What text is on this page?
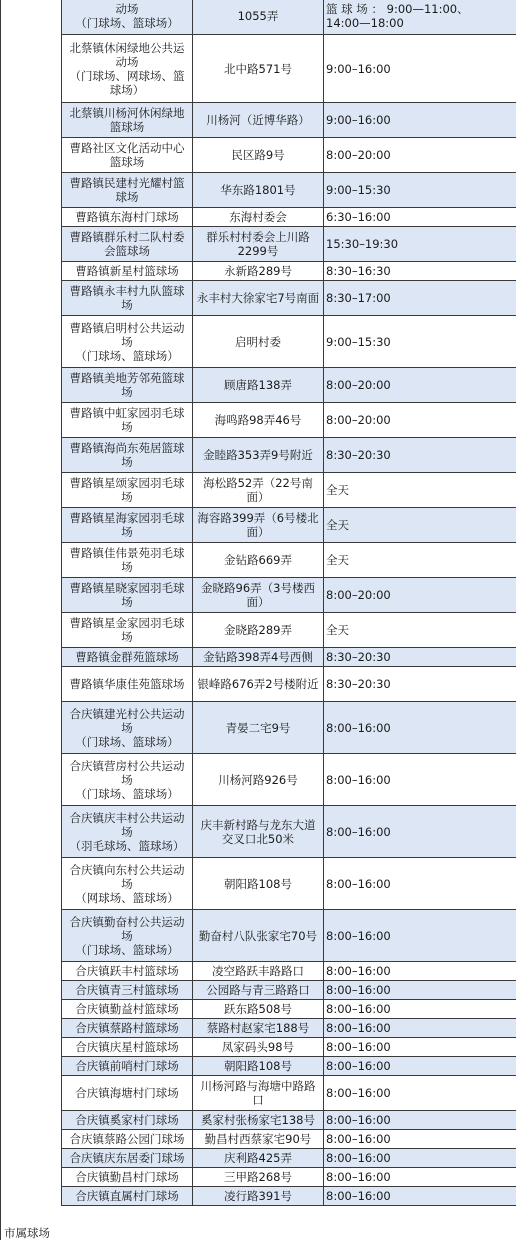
市属球场
动场
（门球场、篮球场）	1055弄	篮 球 场 ： 9:00—11:00、
14:00—18:00
北蔡镇休闲绿地公共运动场
（门球场、网球场、篮球场）	北中路571号	9:00–16:00
北蔡镇川杨河休闲绿地篮球场	川杨河（近博华路）	9:00–16:00
曹路社区文化活动中心篮球场	民区路9号	8:00–20:00
曹路镇民建村光耀村篮球场	华东路1801号	9:00–15:30
曹路镇东海村门球场	东海村委会	6:30–16:00
曹路镇群乐村二队村委会篮球场	群乐村村委会上川路2299号	15:30–19:30
曹路镇新星村篮球场	永新路289号	8:30–16:30
曹路镇永丰村九队篮球场	永丰村大徐家宅7号南面	8:30–17:00
曹路镇启明村公共运动场
（门球场、篮球场）	启明村委	9:00–15:30
曹路镇美地芳邻苑篮球场	顾唐路138弄	8:00–20:00
曹路镇中虹家园羽毛球场	海鸣路98弄46号	8:00–20:00
曹路镇海尚东苑居篮球场	金睦路353弄9号附近	8:30–20:30
曹路镇星颂家园羽毛球场	海松路52弄（22号南面）	全天
曹路镇星海家园羽毛球场	海容路399弄（6号楼北面）	全天
曹路镇佳伟景苑羽毛球场	金钻路669弄	全天
曹路镇星晓家园羽毛球场	金晓路96弄（3号楼西面）	8:00–20:00
曹路镇星金家园羽毛球场	金晓路289弄	全天
曹路镇金群苑篮球场	金钻路398弄4号西侧	8:30–20:30
曹路镇华康佳苑篮球场	银峰路676弄2号楼附近	8:30–20:30
合庆镇建光村公共运动场
（门球场、篮球场）	青晏二宅9号	8:00–16:00
合庆镇营房村公共运动场
（门球场、篮球场）	川杨河路926号	8:00–16:00
合庆镇庆丰村公共运动场
（羽毛球场、篮球场）	庆丰新村路与龙东大道交叉口北50米	8:00–16:00
合庆镇向东村公共运动场
（网球场、篮球场）	朝阳路108号	8:00–16:00
合庆镇勤奋村公共运动场
（门球场、篮球场）	勤奋村八队张家宅70号	8:00–16:00
合庆镇跃丰村篮球场	凌空路跃丰路路口	8:00–16:00
合庆镇青三村篮球场	公园路与青三路路口	8:00–16:00
合庆镇勤益村篮球场	跃东路508号	8:00–16:00
合庆镇蔡路村篮球场	蔡路村赵家宅188号	8:00–16:00
合庆镇庆星村篮球场	凤家码头98号	8:00–16:00
合庆镇前哨村门球场	朝阳路108号	8:00–16:00
合庆镇海塘村门球场	川杨河路与海塘中路路口	8:00–16:00
合庆镇奚家村门球场	奚家村张杨家宅138号	8:00–16:00
合庆镇蔡路公园门球场	勤昌村西蔡家宅90号	8:00–16:00
合庆镇庆东居委门球场	庆利路425弄	8:00–16:00
合庆镇勤昌村门球场	三甲路268号	8:00–16:00
合庆镇直属村门球场	凌行路391号	8:00–16:00
